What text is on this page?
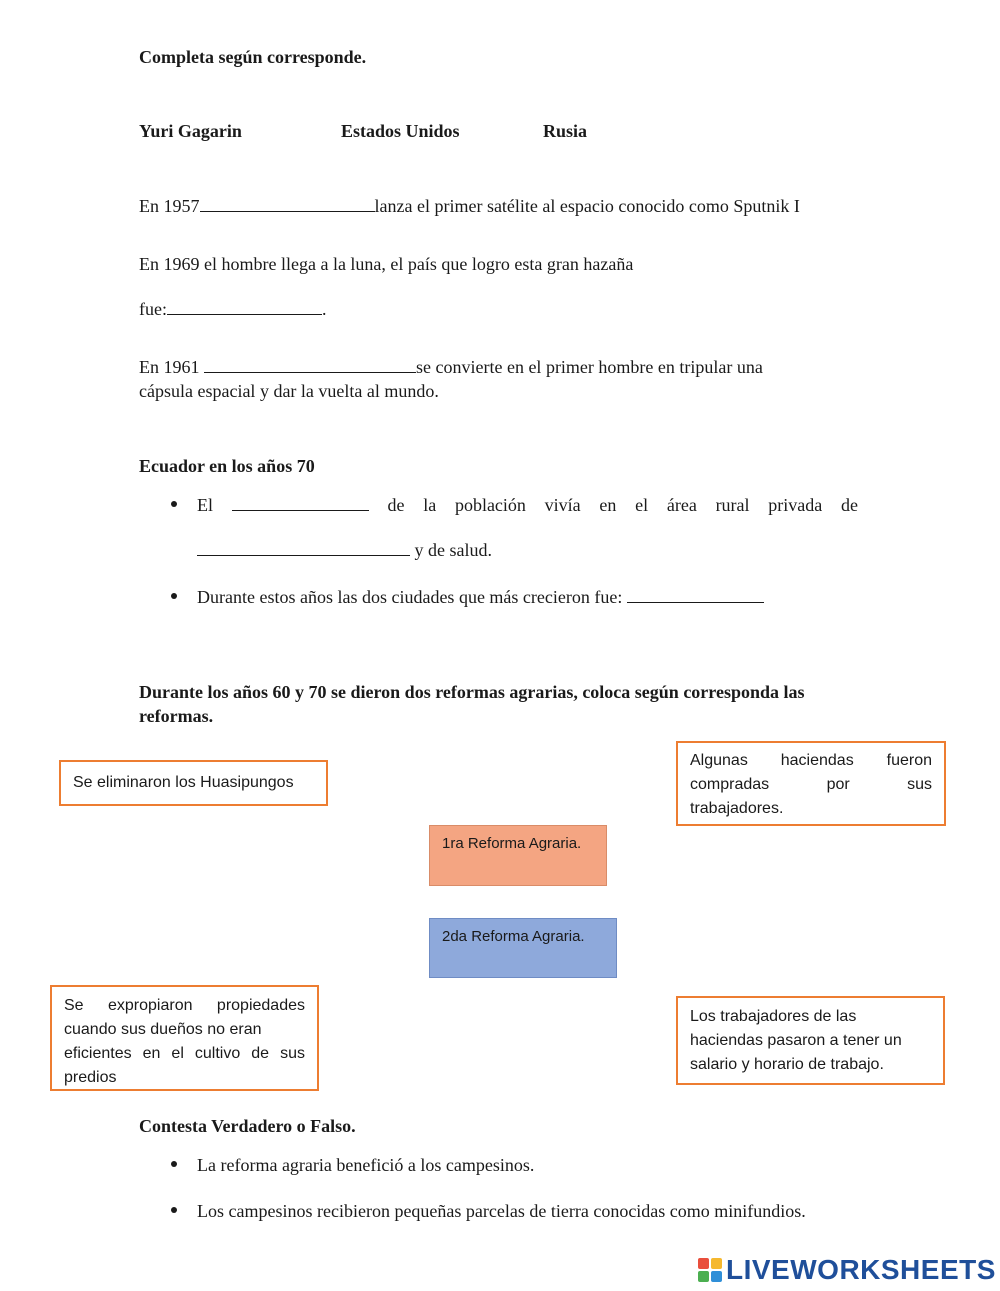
Completa según corresponde.
Yuri Gagarin	Estados Unidos	Rusia
En 1957	lanza el primer satélite al espacio conocido como Sputnik I
En 1969 el hombre llega a la luna, el país que logro esta gran hazaña
fue:	.
En 1961	se convierte en el primer hombre en tripular una
cápsula espacial y dar la vuelta al mundo.
Ecuador en los años 70
El	de la población vivía en el área rural privada de
y de salud.
Durante estos años las dos ciudades que más crecieron fue:
Durante los años 60 y 70 se dieron dos reformas agrarias, coloca según corresponda las
reformas.
Se eliminaron los Huasipungos
Algunas haciendas fueron
compradas	por	sus
trabajadores.
1ra Reforma Agraria.
2da Reforma Agraria.
Se expropiaron propiedades
cuando sus dueños no eran
eficientes en el cultivo de sus
predios
Los trabajadores de las
haciendas pasaron a tener un
salario y horario de trabajo.
Contesta Verdadero o Falso.
La reforma agraria benefició a los campesinos.
Los campesinos recibieron pequeñas parcelas de tierra conocidas como minifundios.
LIVEWORKSHEETS
